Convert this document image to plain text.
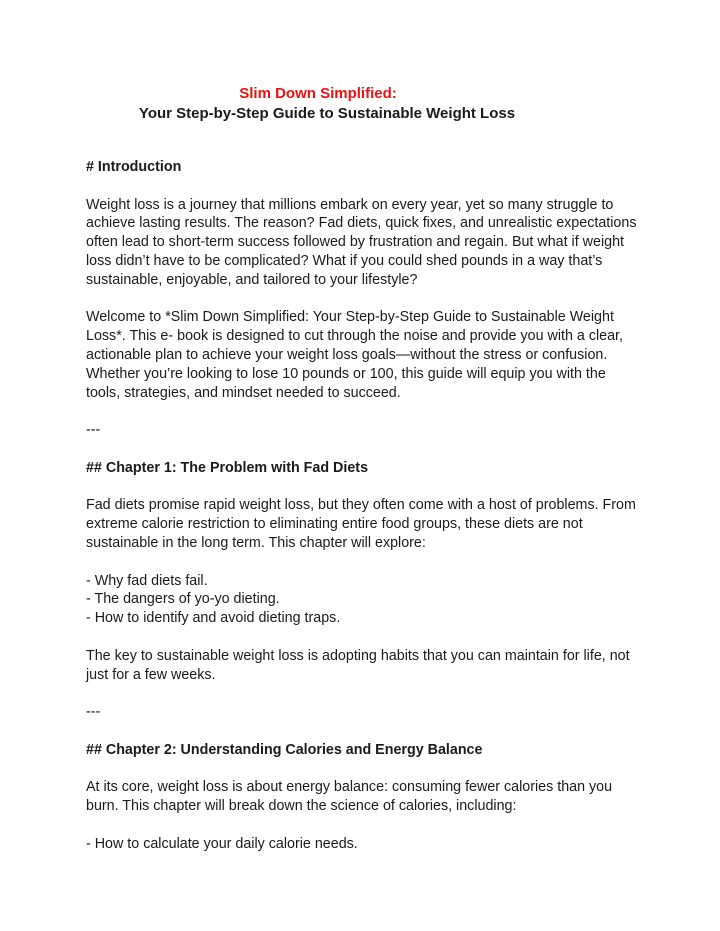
Slim Down Simplified:
Your Step-by-Step Guide to Sustainable Weight Loss

# Introduction

Weight loss is a journey that millions embark on every year, yet so many struggle to
achieve lasting results. The reason? Fad diets, quick fixes, and unrealistic expectations
often lead to short-term success followed by frustration and regain. But what if weight
loss didn’t have to be complicated? What if you could shed pounds in a way that’s
sustainable, enjoyable, and tailored to your lifestyle?

Welcome to *Slim Down Simplified: Your Step-by-Step Guide to Sustainable Weight
Loss*. This e- book is designed to cut through the noise and provide you with a clear,
actionable plan to achieve your weight loss goals—without the stress or confusion.
Whether you’re looking to lose 10 pounds or 100, this guide will equip you with the
tools, strategies, and mindset needed to succeed.

---

## Chapter 1: The Problem with Fad Diets

Fad diets promise rapid weight loss, but they often come with a host of problems. From
extreme calorie restriction to eliminating entire food groups, these diets are not
sustainable in the long term. This chapter will explore:

- Why fad diets fail.
- The dangers of yo-yo dieting.
- How to identify and avoid dieting traps.

The key to sustainable weight loss is adopting habits that you can maintain for life, not
just for a few weeks.

---

## Chapter 2: Understanding Calories and Energy Balance

At its core, weight loss is about energy balance: consuming fewer calories than you
burn. This chapter will break down the science of calories, including:

- How to calculate your daily calorie needs.
